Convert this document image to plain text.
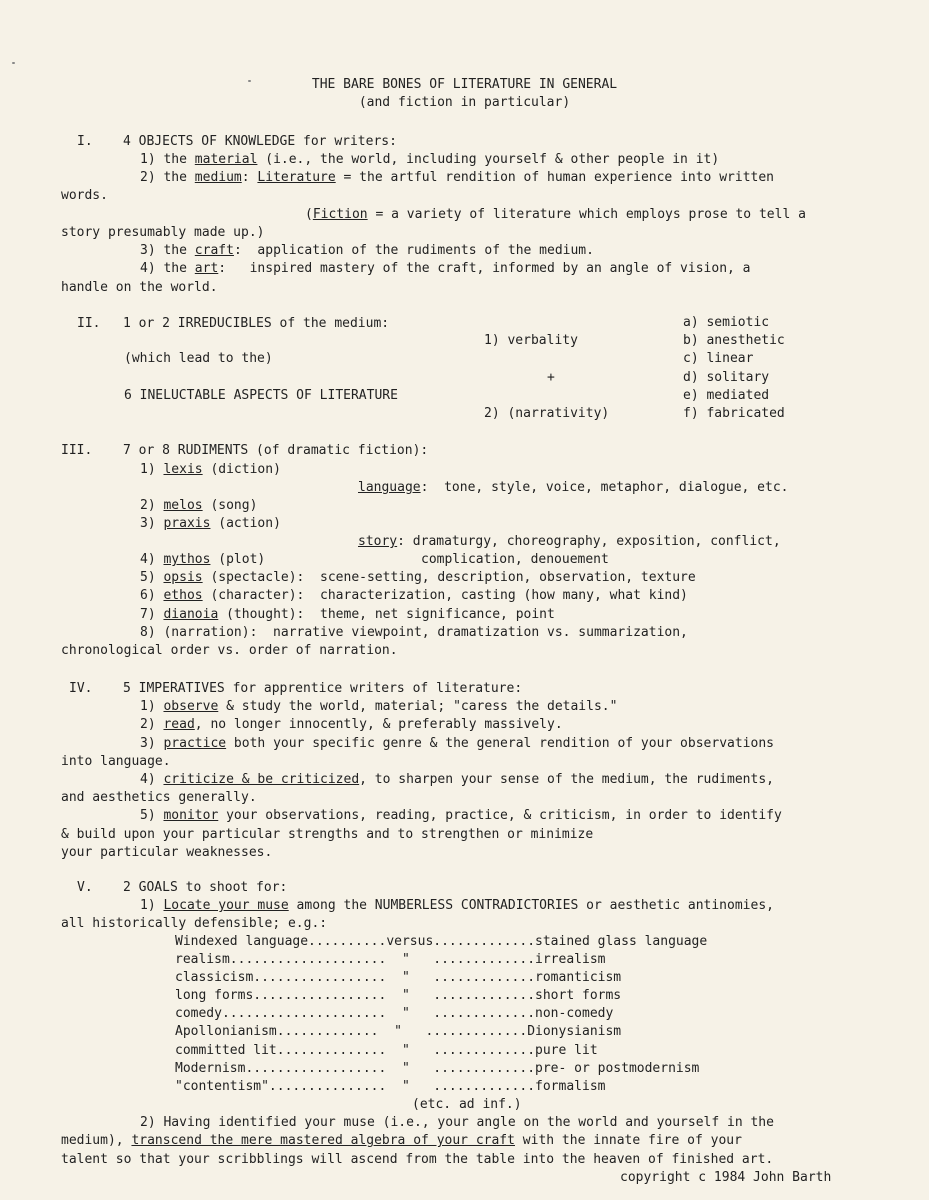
THE BARE BONES OF LITERATURE IN GENERAL
(and fiction in particular)
I. 4 OBJECTS OF KNOWLEDGE for writers:
1) the material (i.e., the world, including yourself & other people in it)
2) the medium: Literature = the artful rendition of human experience into written
words.
(Fiction = a variety of literature which employs prose to tell a
story presumably made up.)
3) the craft:  application of the rudiments of the medium.
4) the art:   inspired mastery of the craft, informed by an angle of vision, a
handle on the world.
II. 1 or 2 IRREDUCIBLES of the medium:
(which lead to the)
6 INELUCTABLE ASPECTS OF LITERATURE
1) verbality
+
2) (narrativity)
a) semiotic
b) anesthetic
c) linear
d) solitary
e) mediated
f) fabricated
III. 7 or 8 RUDIMENTS (of dramatic fiction):
1) lexis (diction)
language:  tone, style, voice, metaphor, dialogue, etc.
2) melos (song)
3) praxis (action)
story: dramaturgy, choreography, exposition, conflict,
complication, denouement
4) mythos (plot)
5) opsis (spectacle):  scene-setting, description, observation, texture
6) ethos (character):  characterization, casting (how many, what kind)
7) dianoia (thought):  theme, net significance, point
8) (narration):  narrative viewpoint, dramatization vs. summarization,
chronological order vs. order of narration.
IV. 5 IMPERATIVES for apprentice writers of literature:
1) observe & study the world, material; "caress the details."
2) read, no longer innocently, & preferably massively.
3) practice both your specific genre & the general rendition of your observations
into language.
4) criticize & be criticized, to sharpen your sense of the medium, the rudiments,
and aesthetics generally.
5) monitor your observations, reading, practice, & criticism, in order to identify
& build upon your particular strengths and to strengthen or minimize
your particular weaknesses.
V. 2 GOALS to shoot for:
1) Locate your muse among the NUMBERLESS CONTRADICTORIES or aesthetic antinomies,
all historically defensible; e.g.:
Windexed language..........versus.............stained glass language
realism....................  "   .............irrealism
classicism.................  "   .............romanticism
long forms.................  "   .............short forms
comedy.....................  "   .............non-comedy
Apollonianism.............  "   .............Dionysianism
committed lit..............  "   .............pure lit
Modernism..................  "   .............pre- or postmodernism
"contentism"...............  "   .............formalism
(etc. ad inf.)
2) Having identified your muse (i.e., your angle on the world and yourself in the
medium), transcend the mere mastered algebra of your craft with the innate fire of your
talent so that your scribblings will ascend from the table into the heaven of finished art.
copyright c 1984 John Barth
